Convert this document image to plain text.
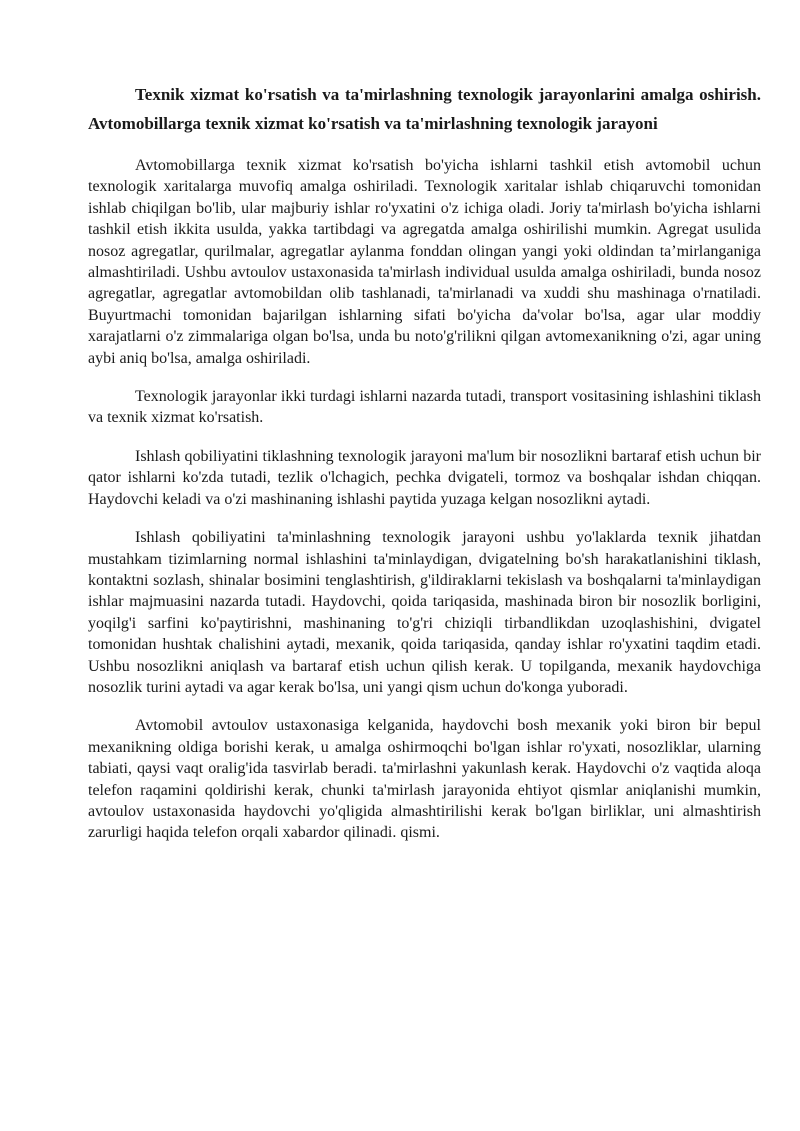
Texnik xizmat ko'rsatish va ta'mirlashning texnologik jarayonlarini amalga oshirish. Avtomobillarga texnik xizmat ko'rsatish va ta'mirlashning texnologik jarayoni

Avtomobillarga texnik xizmat ko'rsatish bo'yicha ishlarni tashkil etish avtomobil uchun texnologik xaritalarga muvofiq amalga oshiriladi. Texnologik xaritalar ishlab chiqaruvchi tomonidan ishlab chiqilgan bo'lib, ular majburiy ishlar ro'yxatini o'z ichiga oladi. Joriy ta'mirlash bo'yicha ishlarni tashkil etish ikkita usulda, yakka tartibdagi va agregatda amalga oshirilishi mumkin. Agregat usulida nosoz agregatlar, qurilmalar, agregatlar aylanma fonddan olingan yangi yoki oldindan ta’mirlanganiga almashtiriladi. Ushbu avtoulov ustaxonasida ta'mirlash individual usulda amalga oshiriladi, bunda nosoz agregatlar, agregatlar avtomobildan olib tashlanadi, ta'mirlanadi va xuddi shu mashinaga o'rnatiladi. Buyurtmachi tomonidan bajarilgan ishlarning sifati bo'yicha da'volar bo'lsa, agar ular moddiy xarajatlarni o'z zimmalariga olgan bo'lsa, unda bu noto'g'rilikni qilgan avtomexanikning o'zi, agar uning aybi aniq bo'lsa, amalga oshiriladi.

Texnologik jarayonlar ikki turdagi ishlarni nazarda tutadi, transport vositasining ishlashini tiklash va texnik xizmat ko'rsatish.

Ishlash qobiliyatini tiklashning texnologik jarayoni ma'lum bir nosozlikni bartaraf etish uchun bir qator ishlarni ko'zda tutadi, tezlik o'lchagich, pechka dvigateli, tormoz va boshqalar ishdan chiqqan. Haydovchi keladi va o'zi mashinaning ishlashi paytida yuzaga kelgan nosozlikni aytadi.

Ishlash qobiliyatini ta'minlashning texnologik jarayoni ushbu yo'laklarda texnik jihatdan mustahkam tizimlarning normal ishlashini ta'minlaydigan, dvigatelning bo'sh harakatlanishini tiklash, kontaktni sozlash, shinalar bosimini tenglashtirish, g'ildiraklarni tekislash va boshqalarni ta'minlaydigan ishlar majmuasini nazarda tutadi. Haydovchi, qoida tariqasida, mashinada biron bir nosozlik borligini, yoqilg'i sarfini ko'paytirishni, mashinaning to'g'ri chiziqli tirbandlikdan uzoqlashishini, dvigatel tomonidan hushtak chalishini aytadi, mexanik, qoida tariqasida, qanday ishlar ro'yxatini taqdim etadi. Ushbu nosozlikni aniqlash va bartaraf etish uchun qilish kerak. U topilganda, mexanik haydovchiga nosozlik turini aytadi va agar kerak bo'lsa, uni yangi qism uchun do'konga yuboradi.

Avtomobil avtoulov ustaxonasiga kelganida, haydovchi bosh mexanik yoki biron bir bepul mexanikning oldiga borishi kerak, u amalga oshirmoqchi bo'lgan ishlar ro'yxati, nosozliklar, ularning tabiati, qaysi vaqt oralig'ida tasvirlab beradi. ta'mirlashni yakunlash kerak. Haydovchi o'z vaqtida aloqa telefon raqamini qoldirishi kerak, chunki ta'mirlash jarayonida ehtiyot qismlar aniqlanishi mumkin, avtoulov ustaxonasida haydovchi yo'qligida almashtirilishi kerak bo'lgan birliklar, uni almashtirish zarurligi haqida telefon orqali xabardor qilinadi. qismi.
